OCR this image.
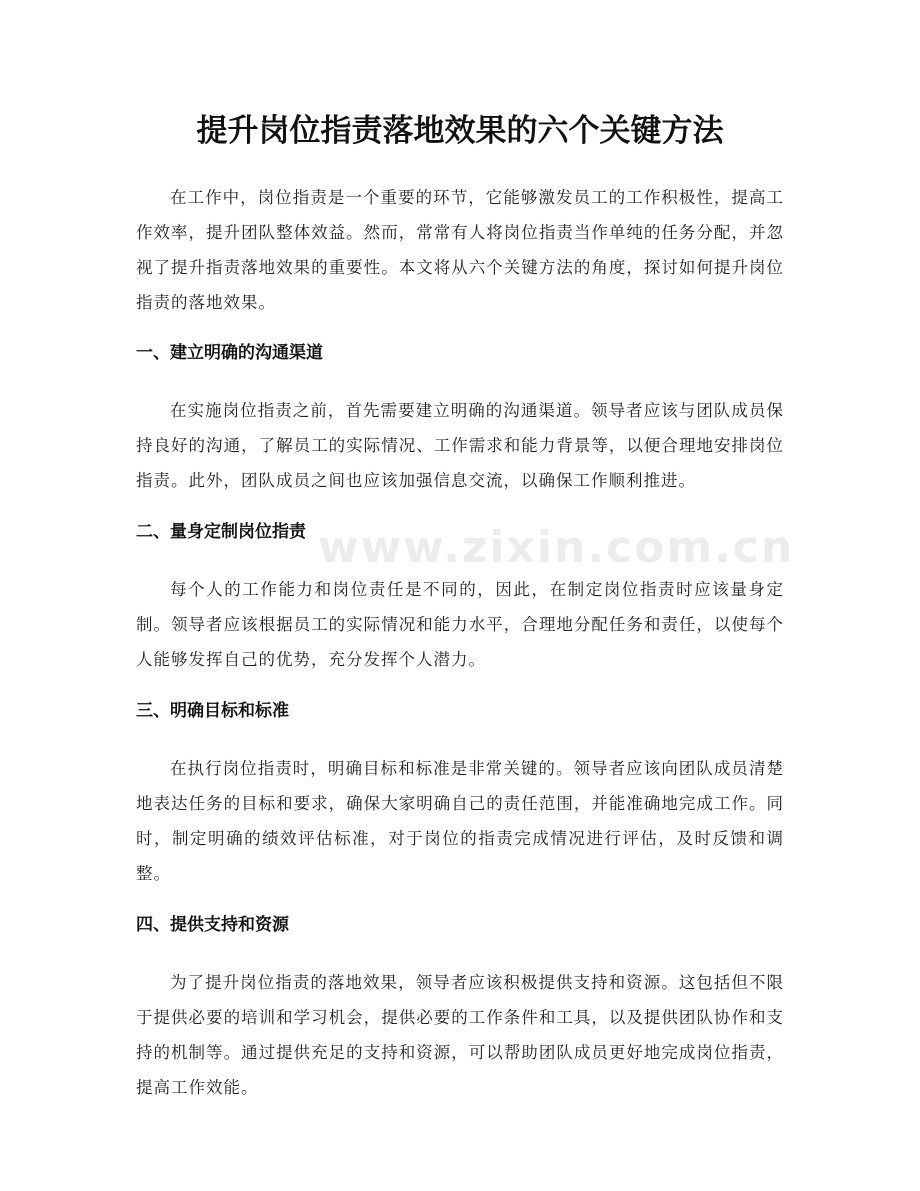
提升岗位指责落地效果的六个关键方法
www.zixin.com.cn

在工作中，岗位指责是一个重要的环节，它能够激发员工的工作积极性，提高工作效率，提升团队整体效益。然而，常常有人将岗位指责当作单纯的任务分配，并忽视了提升指责落地效果的重要性。本文将从六个关键方法的角度，探讨如何提升岗位指责的落地效果。

一、建立明确的沟通渠道

在实施岗位指责之前，首先需要建立明确的沟通渠道。领导者应该与团队成员保持良好的沟通，了解员工的实际情况、工作需求和能力背景等，以便合理地安排岗位指责。此外，团队成员之间也应该加强信息交流，以确保工作顺利推进。

二、量身定制岗位指责

每个人的工作能力和岗位责任是不同的，因此，在制定岗位指责时应该量身定制。领导者应该根据员工的实际情况和能力水平，合理地分配任务和责任，以使每个人能够发挥自己的优势，充分发挥个人潜力。

三、明确目标和标准

在执行岗位指责时，明确目标和标准是非常关键的。领导者应该向团队成员清楚地表达任务的目标和要求，确保大家明确自己的责任范围，并能准确地完成工作。同时，制定明确的绩效评估标准，对于岗位的指责完成情况进行评估，及时反馈和调整。

四、提供支持和资源

为了提升岗位指责的落地效果，领导者应该积极提供支持和资源。这包括但不限于提供必要的培训和学习机会，提供必要的工作条件和工具，以及提供团队协作和支持的机制等。通过提供充足的支持和资源，可以帮助团队成员更好地完成岗位指责，提高工作效能。
